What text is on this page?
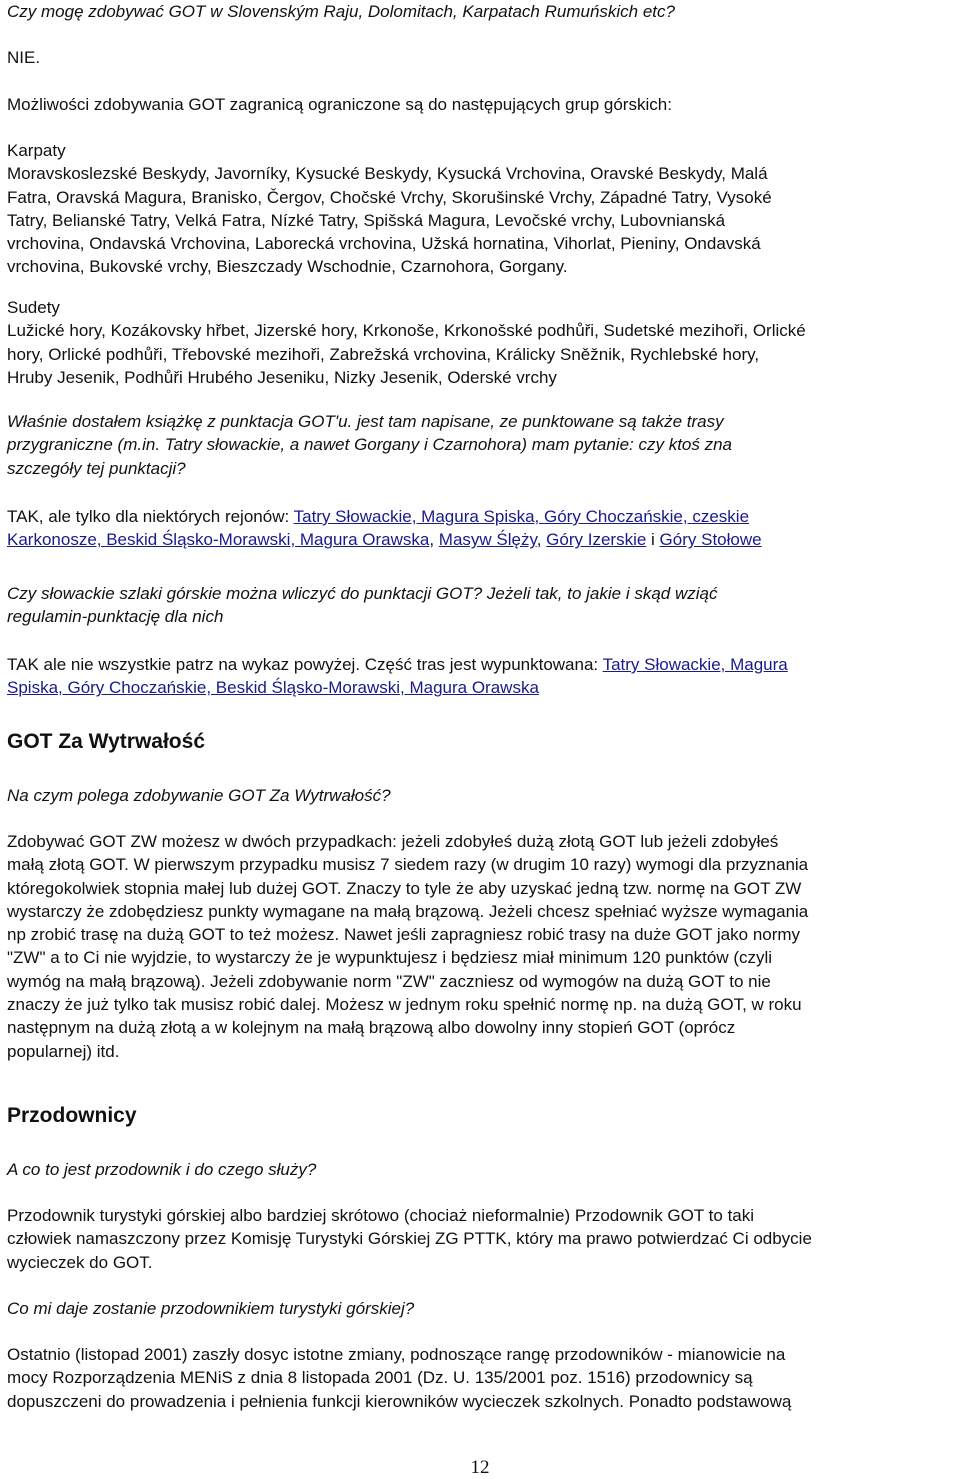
Czy mogę zdobywać GOT w Slovenským Raju, Dolomitach, Karpatach Rumuńskich etc?

NIE.

Możliwości zdobywania GOT zagranicą ograniczone są do następujących grup górskich:

Karpaty
Moravskoslezské Beskydy, Javorníky, Kysucké Beskydy, Kysucká Vrchovina, Oravské Beskydy, Malá
Fatra, Oravská Magura, Branisko, Čergov, Chočské Vrchy, Skorušinské Vrchy, Západné Tatry, Vysoké
Tatry, Belianské Tatry, Velká Fatra, Nízké Tatry, Spišská Magura, Levočské vrchy, Lubovnianská
vrchovina, Ondavská Vrchovina, Laborecká vrchovina, Užská hornatina, Vihorlat, Pieniny, Ondavská
vrchovina, Bukovské vrchy, Bieszczady Wschodnie, Czarnohora, Gorgany.
Sudety
Lužické hory, Kozákovsky hřbet, Jizerské hory, Krkonoše, Krkonošské podhůři, Sudetské mezihoři, Orlické
hory, Orlické podhůři, Třebovské mezihoři, Zabrežská vrchovina, Králicky Sněžnik, Rychlebské hory,
Hruby Jesenik, Podhůři Hrubého Jeseniku, Nizky Jesenik, Oderské vrchy
Właśnie dostałem książkę z punktacja GOT'u. jest tam napisane, ze punktowane są także trasy
przygraniczne (m.in. Tatry słowackie, a nawet Gorgany i Czarnohora) mam pytanie: czy ktoś zna
szczegóły tej punktacji?
TAK, ale tylko dla niektórych rejonów: Tatry Słowackie, Magura Spiska, Góry Choczańskie, czeskie
Karkonosze, Beskid Śląsko-Morawski, Magura Orawska, Masyw Ślęży, Góry Izerskie i Góry Stołowe
Czy słowackie szlaki górskie można wliczyć do punktacji GOT? Jeżeli tak, to jakie i skąd wziąć
regulamin-punktację dla nich
TAK ale nie wszystkie patrz na wykaz powyżej. Część tras jest wypunktowana: Tatry Słowackie, Magura
Spiska, Góry Choczańskie, Beskid Śląsko-Morawski, Magura Orawska
GOT Za Wytrwałość

Na czym polega zdobywanie GOT Za Wytrwałość?

Zdobywać GOT ZW możesz w dwóch przypadkach: jeżeli zdobyłeś dużą złotą GOT lub jeżeli zdobyłeś
małą złotą GOT. W pierwszym przypadku musisz 7 siedem razy (w drugim 10 razy) wymogi dla przyznania
któregokolwiek stopnia małej lub dużej GOT. Znaczy to tyle że aby uzyskać jedną tzw. normę na GOT ZW
wystarczy że zdobędziesz punkty wymagane na małą brązową. Jeżeli chcesz spełniać wyższe wymagania
np zrobić trasę na dużą GOT to też możesz. Nawet jeśli zapragniesz robić trasy na duże GOT jako normy
"ZW" a to Ci nie wyjdzie, to wystarczy że je wypunktujesz i będziesz miał minimum 120 punktów (czyli
wymóg na małą brązową). Jeżeli zdobywanie norm "ZW" zaczniesz od wymogów na dużą GOT to nie
znaczy że już tylko tak musisz robić dalej. Możesz w jednym roku spełnić normę np. na dużą GOT, w roku
następnym na dużą złotą a w kolejnym na małą brązową albo dowolny inny stopień GOT (oprócz
popularnej) itd.
Przodownicy

A co to jest przodownik i do czego służy?

Przodownik turystyki górskiej albo bardziej skrótowo (chociaż nieformalnie) Przodownik GOT to taki
człowiek namaszczony przez Komisję Turystyki Górskiej ZG PTTK, który ma prawo potwierdzać Ci odbycie
wycieczek do GOT.

Co mi daje zostanie przodownikiem turystyki górskiej?

Ostatnio (listopad 2001) zaszły dosyc istotne zmiany, podnoszące rangę przodowników - mianowicie na
mocy Rozporządzenia MENiS z dnia 8 listopada 2001 (Dz. U. 135/2001 poz. 1516) przodownicy są
dopuszczeni do prowadzenia i pełnienia funkcji kierowników wycieczek szkolnych. Ponadto podstawową
12
